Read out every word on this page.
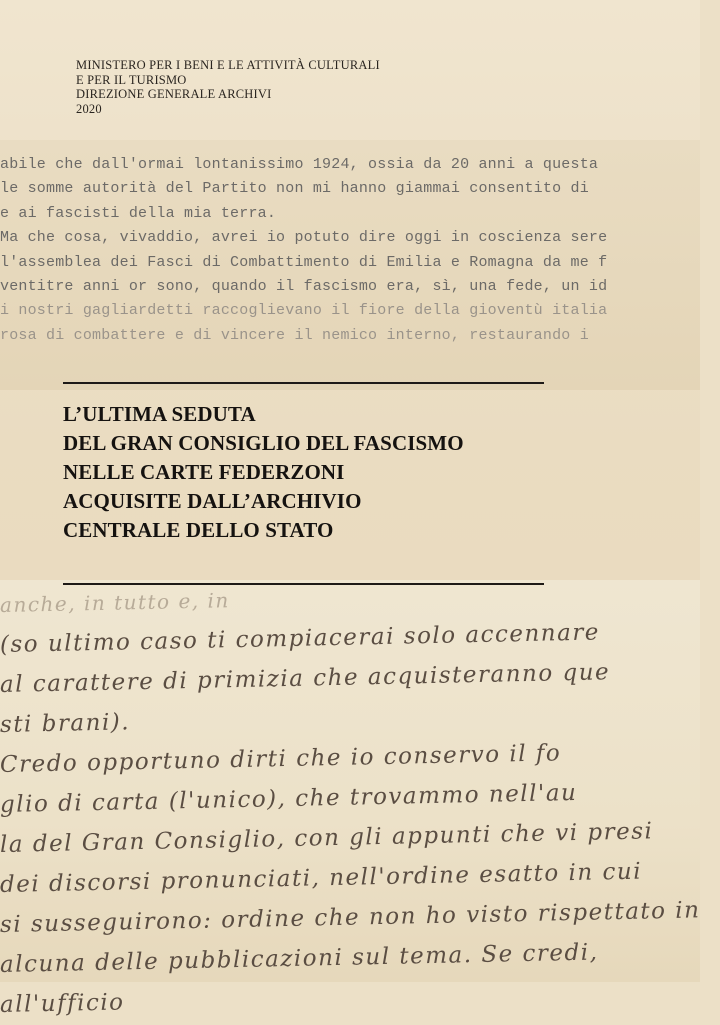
abile che dall'ormai lontanissimo 1924, ossia da 20 anni a questa
le somme autorità del Partito non mi hanno giammai consentito di
e ai fascisti della mia terra.
Ma che cosa, vivaddio, avrei io potuto dire oggi in coscienza sere
l'assemblea dei Fasci di Combattimento di Emilia e Romagna da me f
ventitre anni or sono, quando il fascismo era, sì, una fede, un id
i nostri gagliardetti raccoglievano il fiore della gioventù italia
rosa di combattere e di vincere il nemico interno, restaurando i
anche, in tutto e, in
(so ultimo caso ti compiacerai solo accennare
al carattere di primizia che acquisteranno que
sti brani).
Credo opportuno dirti che io conservo il fo
glio di carta (l'unico), che trovammo nell'au
la del Gran Consiglio, con gli appunti che vi presi
dei discorsi pronunciati, nell'ordine esatto in cui
si susseguirono: ordine che non ho visto rispettato in
alcuna delle pubblicazioni sul tema. Se credi,
all'ufficio
MINISTERO PER I BENI E LE ATTIVITÀ CULTURALI
E PER IL TURISMO
DIREZIONE GENERALE ARCHIVI
2020
L’ULTIMA SEDUTA
DEL GRAN CONSIGLIO DEL FASCISMO
NELLE CARTE FEDERZONI
ACQUISITE DALL’ARCHIVIO
CENTRALE DELLO STATO
